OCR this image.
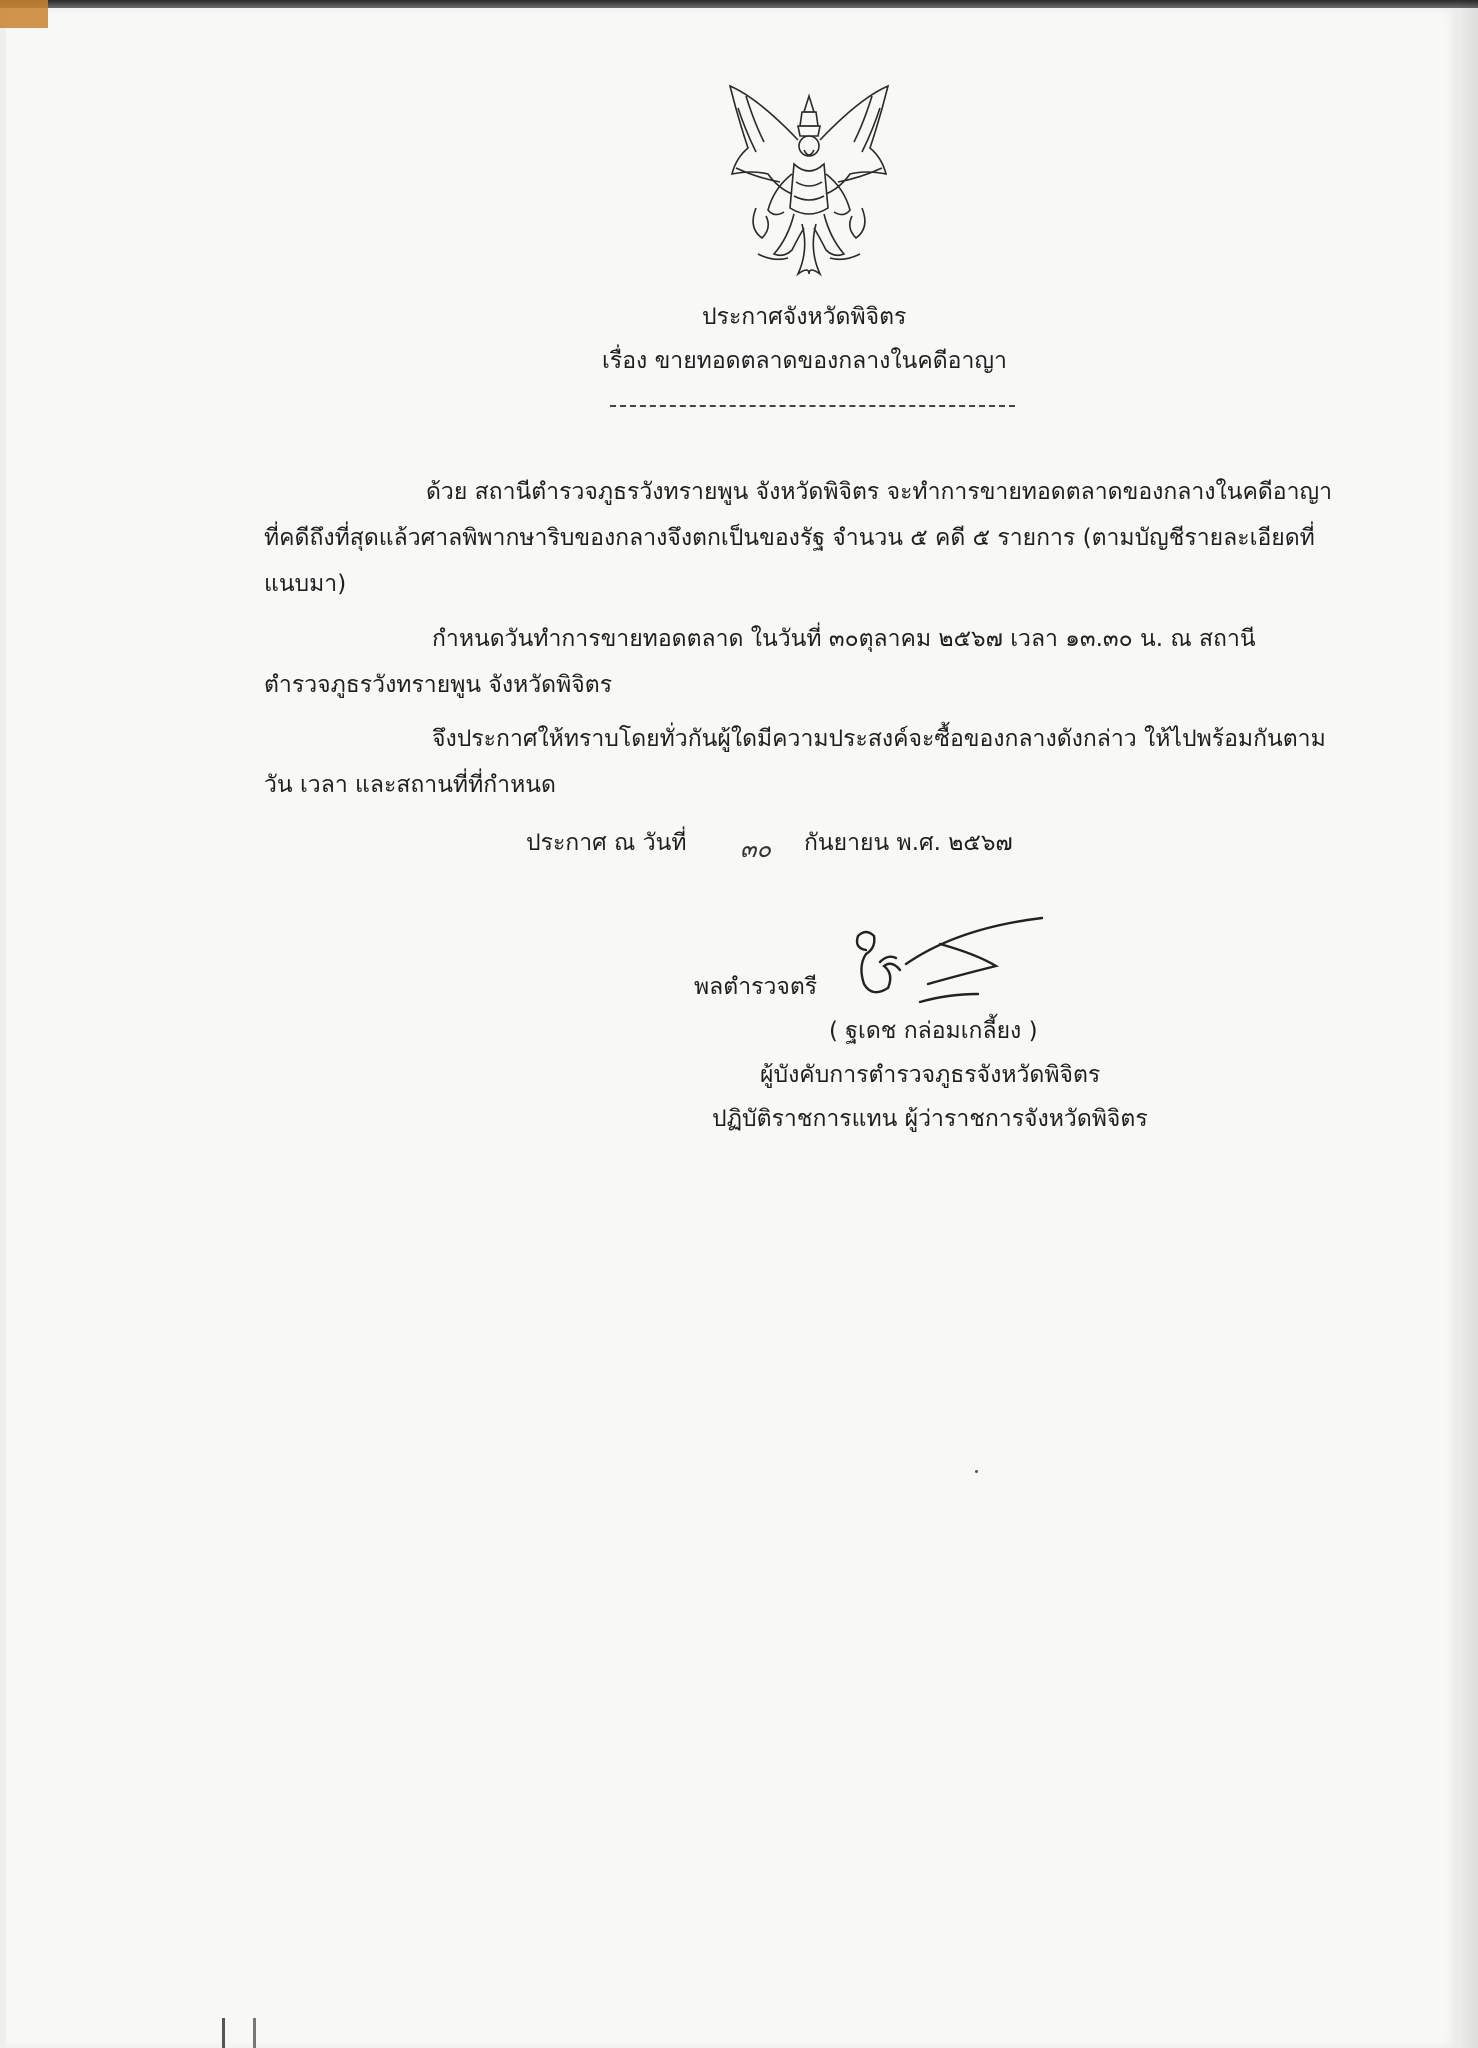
ประกาศจังหวัดพิจิตร
เรื่อง ขายทอดตลาดของกลางในคดีอาญา
ด้วย สถานีตำรวจภูธรวังทรายพูน จังหวัดพิจิตร จะทำการขายทอดตลาดของกลางในคดีอาญา
ที่คดีถึงที่สุดแล้วศาลพิพากษาริบของกลางจึงตกเป็นของรัฐ จำนวน ๕ คดี ๕ รายการ (ตามบัญชีรายละเอียดที่
แนบมา)
กำหนดวันทำการขายทอดตลาด ในวันที่ ๓๐ตุลาคม ๒๕๖๗ เวลา ๑๓.๓๐ น. ณ สถานี
ตำรวจภูธรวังทรายพูน จังหวัดพิจิตร
จึงประกาศให้ทราบโดยทั่วกันผู้ใดมีความประสงค์จะซื้อของกลางดังกล่าว ให้ไปพร้อมกันตาม
วัน เวลา และสถานที่ที่กำหนด
ประกาศ ณ วันที่ ๓๐ กันยายน พ.ศ. ๒๕๖๗
พลตำรวจตรี
( ฐเดช กล่อมเกลี้ยง )
ผู้บังคับการตำรวจภูธรจังหวัดพิจิตร
ปฏิบัติราชการแทน ผู้ว่าราชการจังหวัดพิจิตร
